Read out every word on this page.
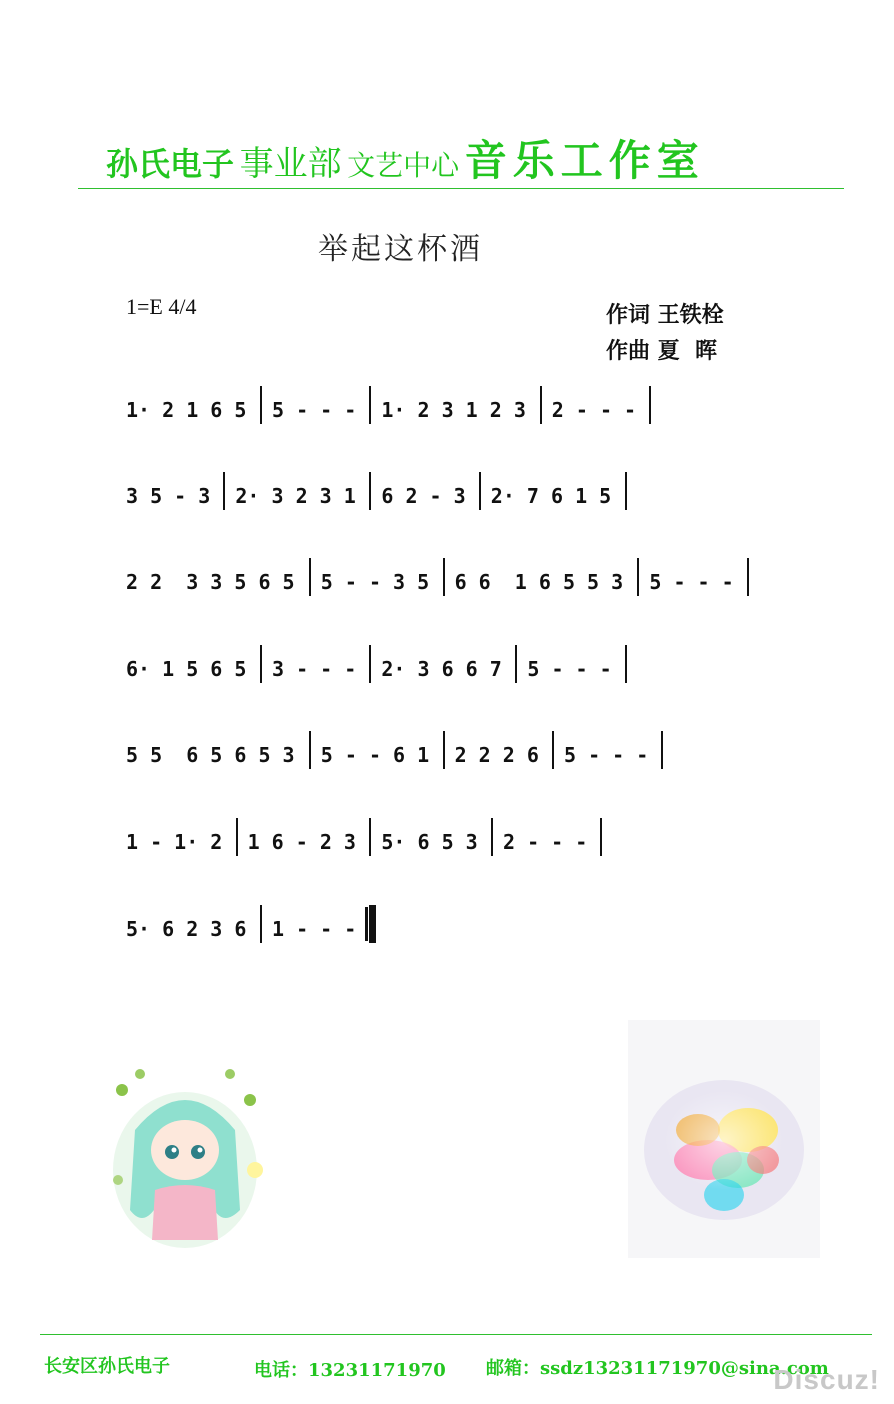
孙氏电子 事业部 文艺中心 音乐工作室
举起这杯酒
1=E 4/4	作词 王铁栓
作曲 夏  晖
1· 2 1 6 5 5 - - - 1· 2 3 1 2 3 2 - - -
3 5 - 3 2· 3 2 3 1 6 2 - 3 2· 7 6 1 5
2 2  3 3 5 6 5 5 - - 3 5 6 6  1 6 5 5 3 5 - - -
6· 1 5 6 5 3 - - - 2· 3 6 6 7 5 - - -
5 5  6 5 6 5 3 5 - - 6 1 2 2 2 6 5 - - -
1 - 1· 2 1 6 - 2 3 5· 6 5 3 2 - - -
5· 6 2 3 6 1 - - -
长安区孙氏电子	电话：13231171970 邮箱：ssdz13231171970@sina.com
Discuz!
